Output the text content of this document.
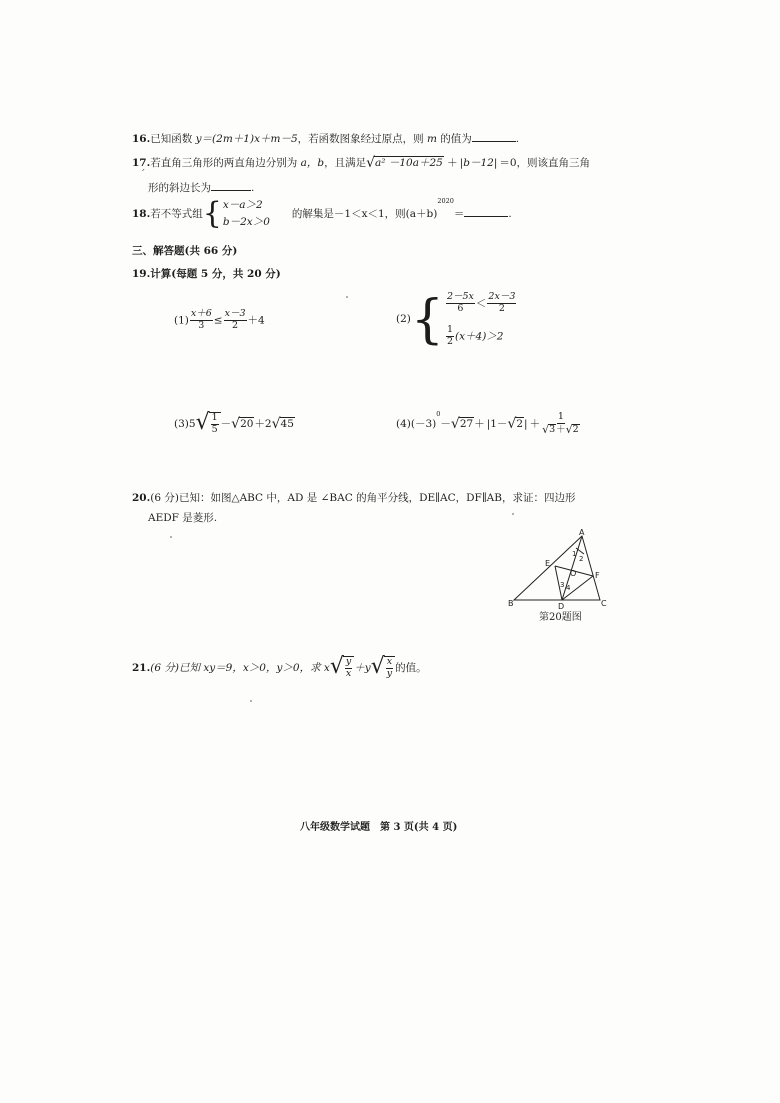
16.已知函数 y＝(2m＋1)x＋m－5，若函数图象经过原点，则 m 的值为	.
17.若直角三角形的两直角边分别为 a，b，且满足 √ a² －10a＋25 ＋ |b－12| ＝0，则该直角三角
ˊ
形的斜边长为	.
18.若不等式组 { x－a＞2
b－2x＞0
的解集是－1＜x＜1，则$(a+b)^{2020}=$	.
三、解答题(共 66 分)
19.计算(每题 5 分，共 20 分)
$(1) \frac{x+6}{3} \le \frac{x-3}{2} +4$	(2) { $\frac{2-5x}{6} < \frac{2x-3}{2}$
$\frac{1}{2} (x+4)>2$
(3)5 √ $\frac{1}{5}$ － √ 20 ＋2 √ 45	$(4)(-3)^0-$ √ 27 ＋ |1－ √ 2 | ＋ $\frac{1}{√ 3 + √ 2}$
20.(6 分)已知：如图△ABC 中，AD 是 ∠BAC 的角平分线，DE∥AC，DF∥AB，求证：四边形
AEDF 是菱形.
A
B	C
D
E
F
O
1
2
3 4
第20题图
21.(6 分)已知 xy＝9，x＞0，y＞0，求 x √ $\frac{y}{x} +y$ √ $\frac{x}{y}$ 的值。
八年级数学试题　第 3 页(共 4 页)
